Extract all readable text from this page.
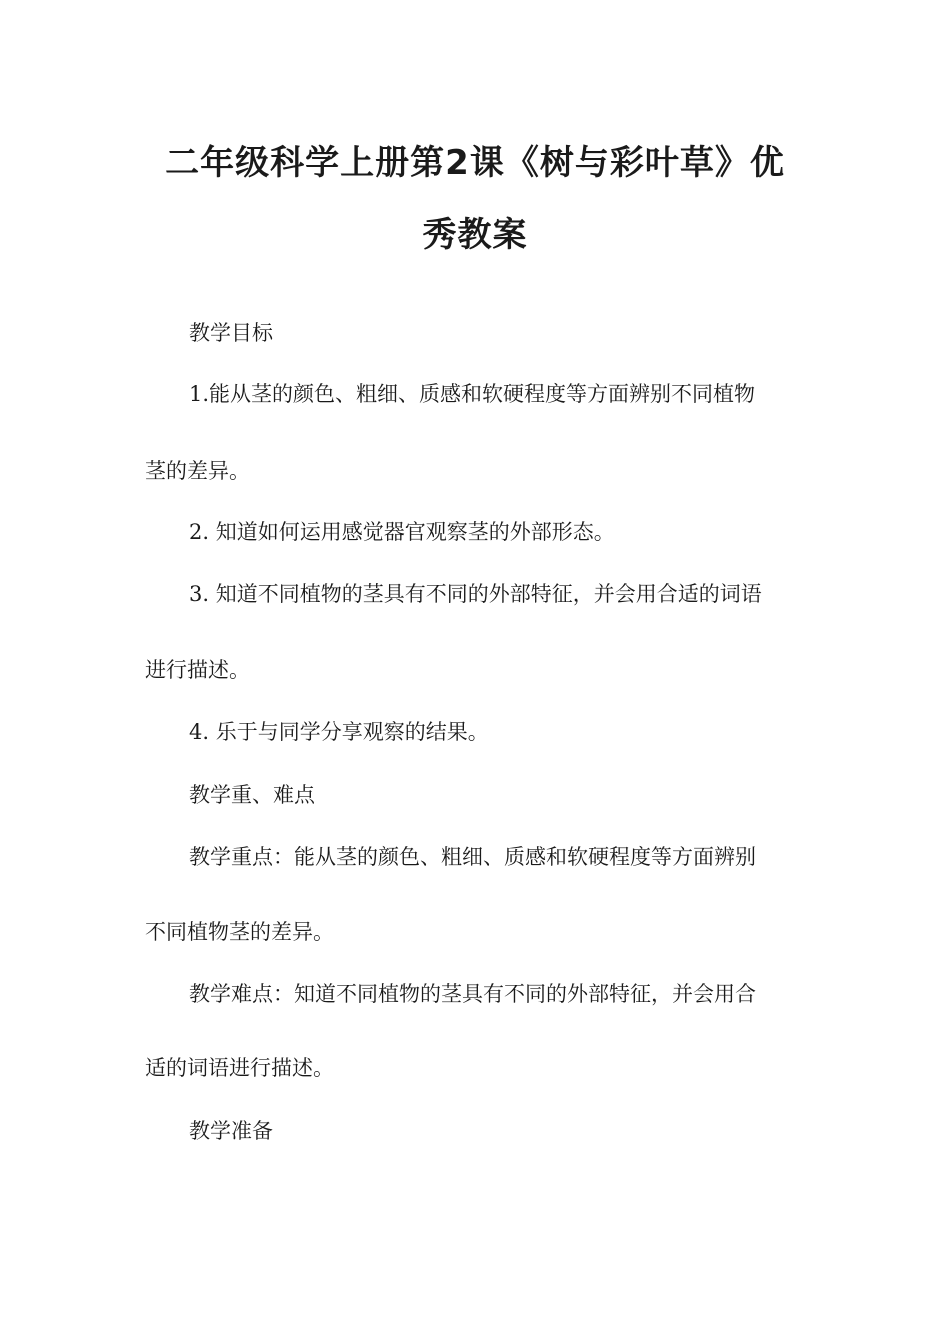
二年级科学上册第2课《树与彩叶草》优
秀教案
教学目标
1.能从茎的颜色、粗细、质感和软硬程度等方面辨别不同植物
茎的差异。
2. 知道如何运用感觉器官观察茎的外部形态。
3. 知道不同植物的茎具有不同的外部特征，并会用合适的词语
进行描述。
4. 乐于与同学分享观察的结果。
教学重、难点
教学重点：能从茎的颜色、粗细、质感和软硬程度等方面辨别
不同植物茎的差异。
教学难点：知道不同植物的茎具有不同的外部特征，并会用合
适的词语进行描述。
教学准备
